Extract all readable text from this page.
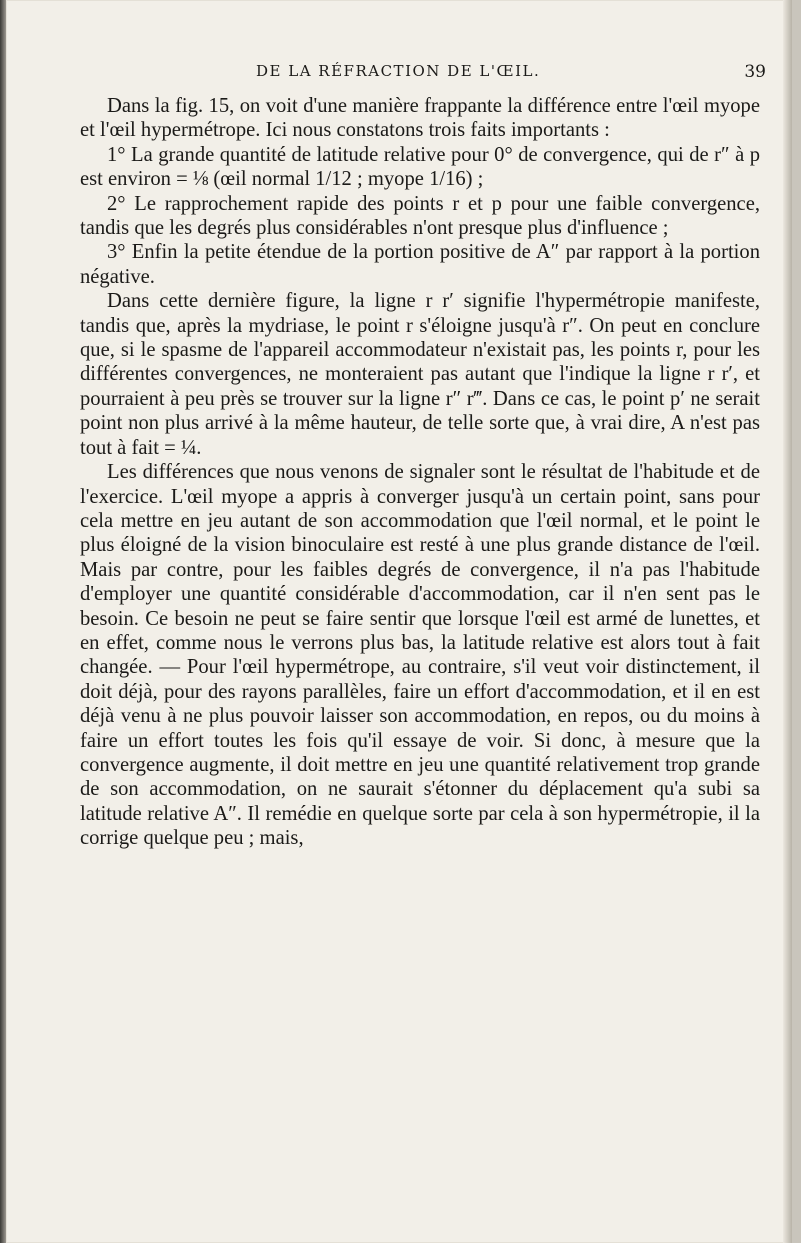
DE LA RÉFRACTION DE L'ŒIL.	39

Dans la fig. 15, on voit d'une manière frappante la différence entre l'œil myope et l'œil hypermétrope. Ici nous constatons trois faits importants :

1° La grande quantité de latitude relative pour 0° de convergence, qui de r″ à p est environ = ⅛ (œil normal 1/12 ; myope 1/16) ;

2° Le rapprochement rapide des points r et p pour une faible convergence, tandis que les degrés plus considérables n'ont presque plus d'influence ;

3° Enfin la petite étendue de la portion positive de A″ par rapport à la portion négative.

Dans cette dernière figure, la ligne r r′ signifie l'hypermétropie manifeste, tandis que, après la mydriase, le point r s'éloigne jusqu'à r″. On peut en conclure que, si le spasme de l'appareil accommodateur n'existait pas, les points r, pour les différentes convergences, ne monteraient pas autant que l'indique la ligne r r′, et pourraient à peu près se trouver sur la ligne r″ r‴. Dans ce cas, le point p′ ne serait point non plus arrivé à la même hauteur, de telle sorte que, à vrai dire, A n'est pas tout à fait = ¼.

Les différences que nous venons de signaler sont le résultat de l'habitude et de l'exercice. L'œil myope a appris à converger jusqu'à un certain point, sans pour cela mettre en jeu autant de son accommodation que l'œil normal, et le point le plus éloigné de la vision binoculaire est resté à une plus grande distance de l'œil. Mais par contre, pour les faibles degrés de convergence, il n'a pas l'habitude d'employer une quantité considérable d'accommodation, car il n'en sent pas le besoin. Ce besoin ne peut se faire sentir que lorsque l'œil est armé de lunettes, et en effet, comme nous le verrons plus bas, la latitude relative est alors tout à fait changée. — Pour l'œil hypermétrope, au contraire, s'il veut voir distinctement, il doit déjà, pour des rayons parallèles, faire un effort d'accommodation, et il en est déjà venu à ne plus pouvoir laisser son accommodation, en repos, ou du moins à faire un effort toutes les fois qu'il essaye de voir. Si donc, à mesure que la convergence augmente, il doit mettre en jeu une quantité relativement trop grande de son accommodation, on ne saurait s'étonner du déplacement qu'a subi sa latitude relative A″. Il remédie en quelque sorte par cela à son hypermétropie, il la corrige quelque peu ; mais,
